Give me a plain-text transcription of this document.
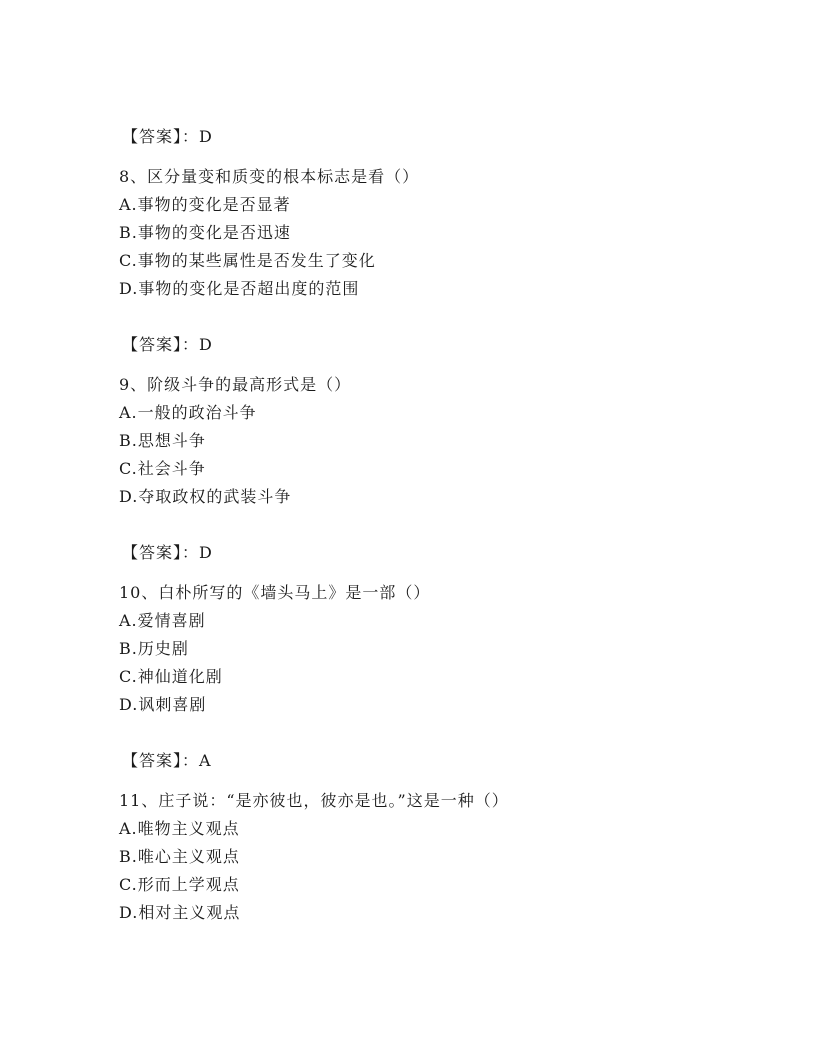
【答案】：D
8、区分量变和质变的根本标志是看（）
A.事物的变化是否显著
B.事物的变化是否迅速
C.事物的某些属性是否发生了变化
D.事物的变化是否超出度的范围
【答案】：D
9、阶级斗争的最高形式是（）
A.一般的政治斗争
B.思想斗争
C.社会斗争
D.夺取政权的武装斗争
【答案】：D
10、白朴所写的《墙头马上》是一部（）
A.爱情喜剧
B.历史剧
C.神仙道化剧
D.讽刺喜剧
【答案】：A
11、庄子说：“是亦彼也，彼亦是也。”这是一种（）
A.唯物主义观点
B.唯心主义观点
C.形而上学观点
D.相对主义观点
